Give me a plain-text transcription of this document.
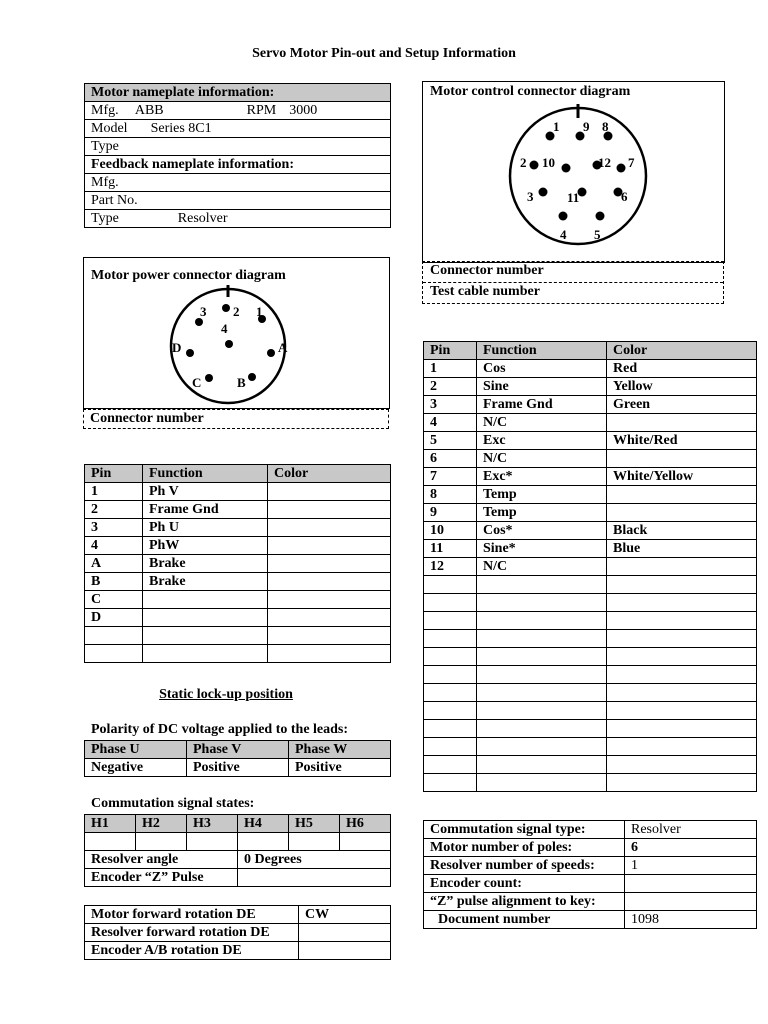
Servo Motor Pin-out and Setup Information
Motor nameplate information:
Mfg. ABB	RPM 3000
Model Series 8C1
Type
Feedback nameplate information:
Mfg.
Part No.
Type	Resolver
Motor power connector diagram
3 2 1
4
D	A
C	B
Connector number
Motor control connector diagram
1 9 8
2 10	12 7
3	11	6
4 5
Connector number
Test cable number
Pin	Function	Color
1	Ph V	
2	Frame Gnd	
3	Ph U	
4	PhW	
A	Brake	
B	Brake	
C		
D		

Pin	Function	Color
1	Cos	Red
2	Sine	Yellow
3	Frame Gnd	Green
4	N/C	
5	Exc	White/Red
6	N/C	
7	Exc*	White/Yellow
8	Temp	
9	Temp	
10	Cos*	Black
11	Sine*	Blue
12	N/C	

Static lock-up position
Polarity of DC voltage applied to the leads:
Phase U	Phase V	Phase W
Negative	Positive	Positive
Commutation signal states:
H1	H2	H3	H4	H5	H6

Resolver angle			0 Degrees		
Encoder “Z” Pulse					
Motor forward rotation DE	CW
Resolver forward rotation DE	
Encoder A/B rotation DE	
Commutation signal type:	Resolver
Motor number of poles:	6
Resolver number of speeds:	1
Encoder count:	
“Z” pulse alignment to key:	
Document number	1098
